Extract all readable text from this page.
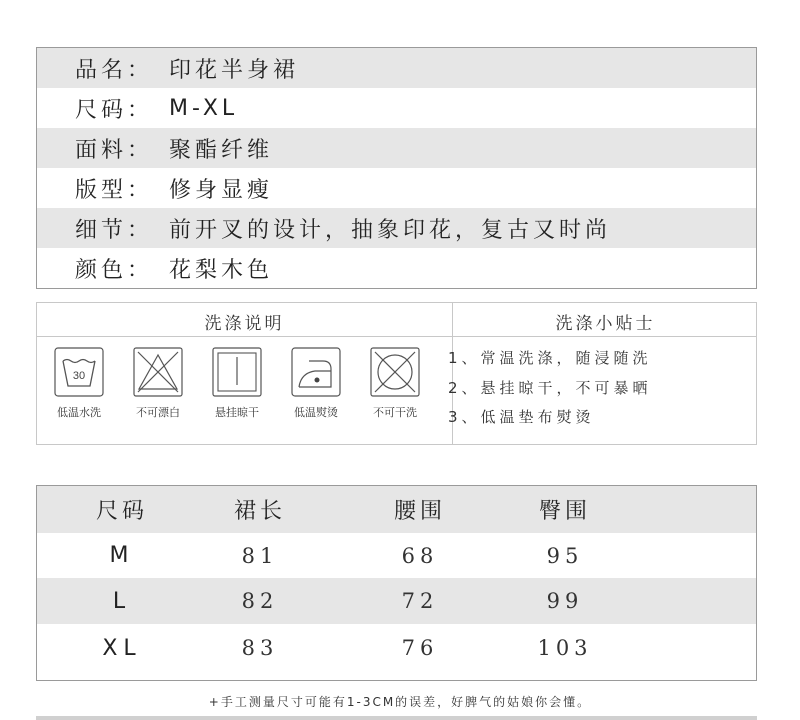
品名： 印花半身裙
尺码： M-XL
面料： 聚酯纤维
版型： 修身显瘦
细节： 前开叉的设计，抽象印花，复古又时尚
颜色： 花梨木色
洗涤说明	洗涤小贴士
30
低温水洗	不可漂白	悬挂晾干	低温熨烫	不可干洗
1、常温洗涤，随浸随洗
2、悬挂晾干，不可暴晒
3、低温垫布熨烫
尺码	裙长	腰围	臀围
M	81	68	95
L	82	72	99
XL	83	76	103
+手工测量尺寸可能有1-3CM的误差，好脾气的姑娘你会懂。
